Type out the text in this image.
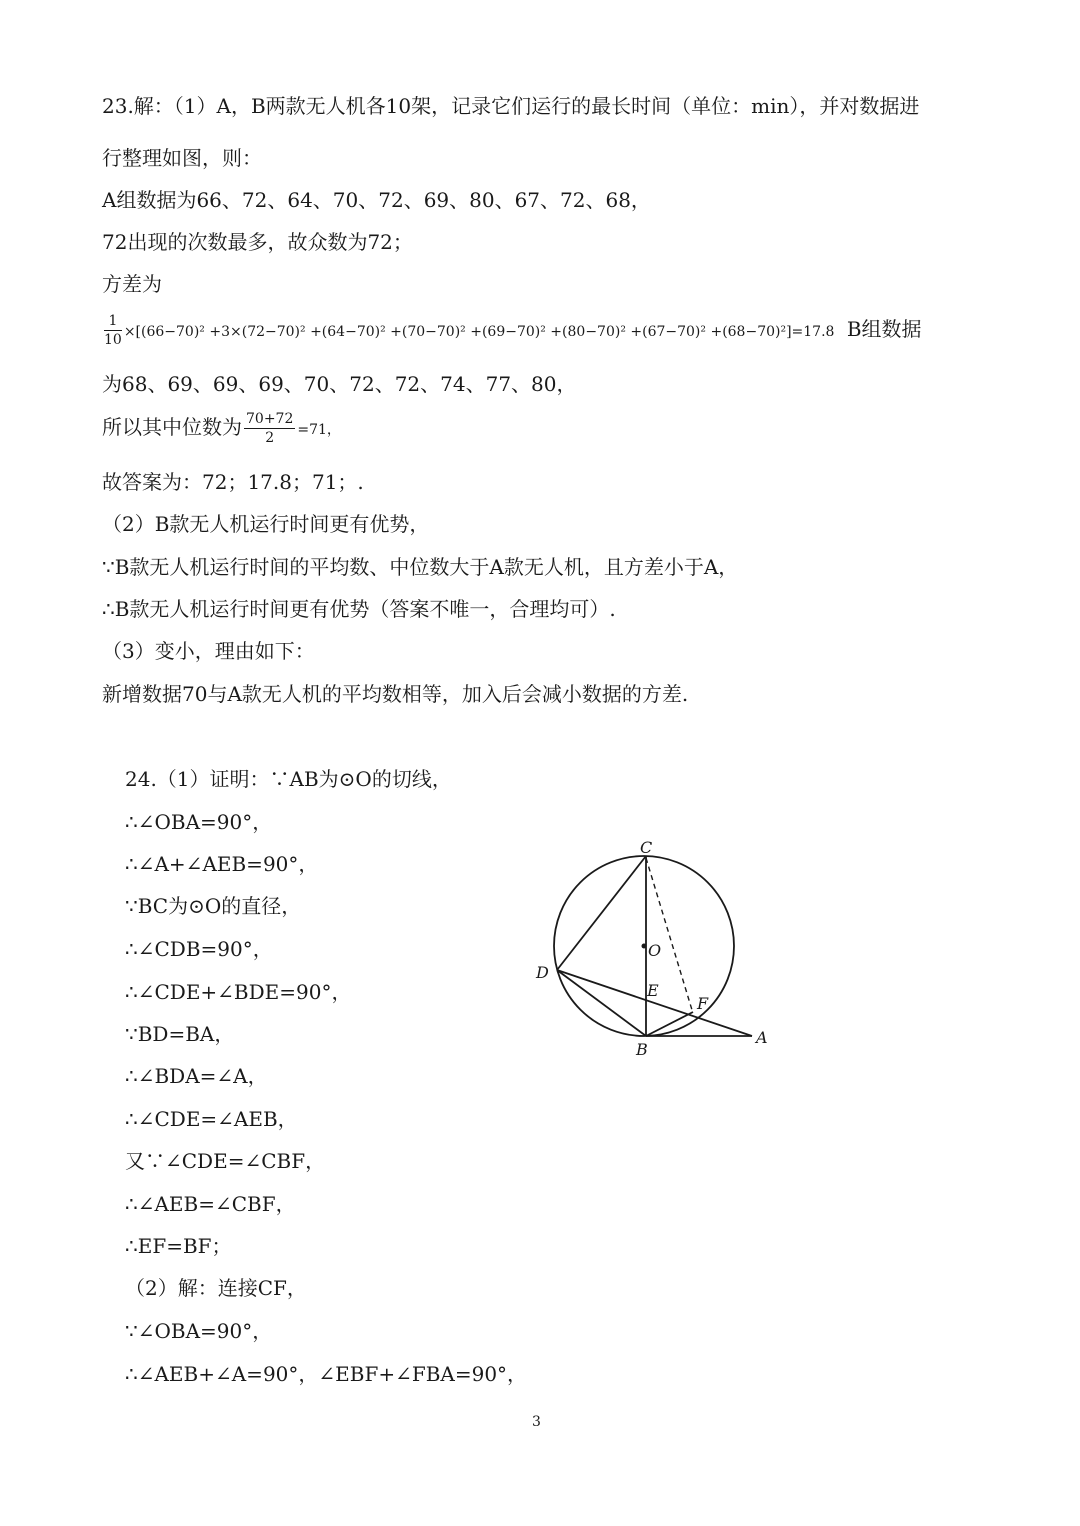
23.解：（1）A，B两款无人机各10架，记录它们运行的最长时间（单位：min），并对数据进
行整理如图，则：
A组数据为66、72、64、70、72、69、80、67、72、68，
72出现的次数最多，故众数为72；
方差为
$\frac{1}{10} \times[(66-70)^2 +3\times(72-70)^2 +(64-70)^2 +(70-70)^2 +(69-70)^2 +(80-70)^2 +(67-70)^2 +(68-70)^2]=17.8$ B组数据
为68、69、69、69、70、72、72、74、77、80，
所以其中位数为 $\frac{70+72}{2} =71$，
故答案为：72；17.8；71；.
（2）B款无人机运行时间更有优势，
∵B款无人机运行时间的平均数、中位数大于A款无人机，且方差小于A，
∴B款无人机运行时间更有优势（答案不唯一，合理均可）.
（3）变小，理由如下：
新增数据70与A款无人机的平均数相等，加入后会减小数据的方差.
24.（1）证明：∵AB为⊙O的切线，
∴∠OBA=90°，
∴∠A+∠AEB=90°，
∵BC为⊙O的直径，
∴∠CDB=90°，
∴∠CDE+∠BDE=90°，
∵BD=BA，
∴∠BDA=∠A，
∴∠CDE=∠AEB，
又∵∠CDE=∠CBF，
∴∠AEB=∠CBF，
∴EF=BF；
（2）解：连接CF，
∵∠OBA=90°，
∴∠AEB+∠A=90°，∠EBF+∠FBA=90°，
C
O
D
E
F
B
A
3
